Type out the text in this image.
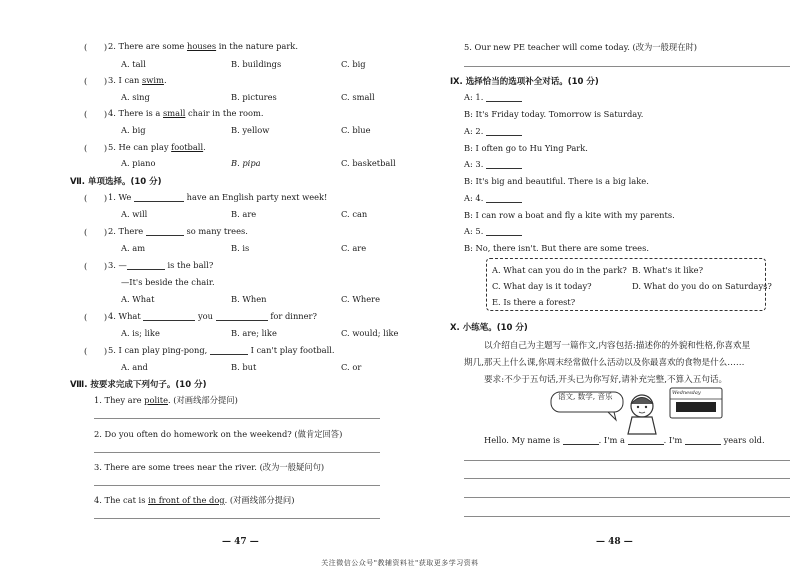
(　　) 2. There are some houses in the nature park.
A. tall	B. buildings	C. big
(　　) 3. I can swim.
A. sing	B. pictures	C. small
(　　) 4. There is a small chair in the room.
A. big	B. yellow	C. blue
(　　) 5. He can play football.
A. piano	B. pipa	C. basketball
Ⅶ. 单项选择。(10 分)
(　　) 1. We	have an English party next week!
A. will	B. are	C. can
(　　) 2. There	so many trees.
A. am	B. is	C. are
(　　) 3. —	is the ball?
—It's beside the chair.
A. What	B. When	C. Where
(　　) 4. What	you	for dinner?
A. is; like	B. are; like	C. would; like
(　　) 5. I can play ping-pong,	I can't play football.
A. and	B. but	C. or
Ⅷ. 按要求完成下列句子。(10 分)
1. They are polite. (对画线部分提问)
2. Do you often do homework on the weekend? (做肯定回答)
3. There are some trees near the river. (改为一般疑问句)
4. The cat is in front of the dog. (对画线部分提问)
— 47 —
5. Our new PE teacher will come today. (改为一般现在时)
Ⅸ. 选择恰当的选项补全对话。(10 分)
A: 1.
B: It's Friday today. Tomorrow is Saturday.
A: 2.
B: I often go to Hu Ying Park.
A: 3.
B: It's big and beautiful. There is a big lake.
A: 4.
B: I can row a boat and fly a kite with my parents.
A: 5.
B: No, there isn't. But there are some trees.
A. What can you do in the park? B. What's it like?
C. What day is it today?	D. What do you do on Saturdays?
E. Is there a forest?
Ⅹ. 小练笔。(10 分)
以介绍自己为主题写一篇作文,内容包括:描述你的外貌和性格,你喜欢星
期几,那天上什么课,你周末经常做什么活动以及你最喜欢的食物是什么……
要求:不少于五句话,开头已为你写好,请补充完整,不算入五句话。
语文, 数学, 音乐	Wednesday
Hello. My name is	. I'm a	. I'm	years old.
— 48 —
关注微信公众号"教辅资料社"获取更多学习资料
